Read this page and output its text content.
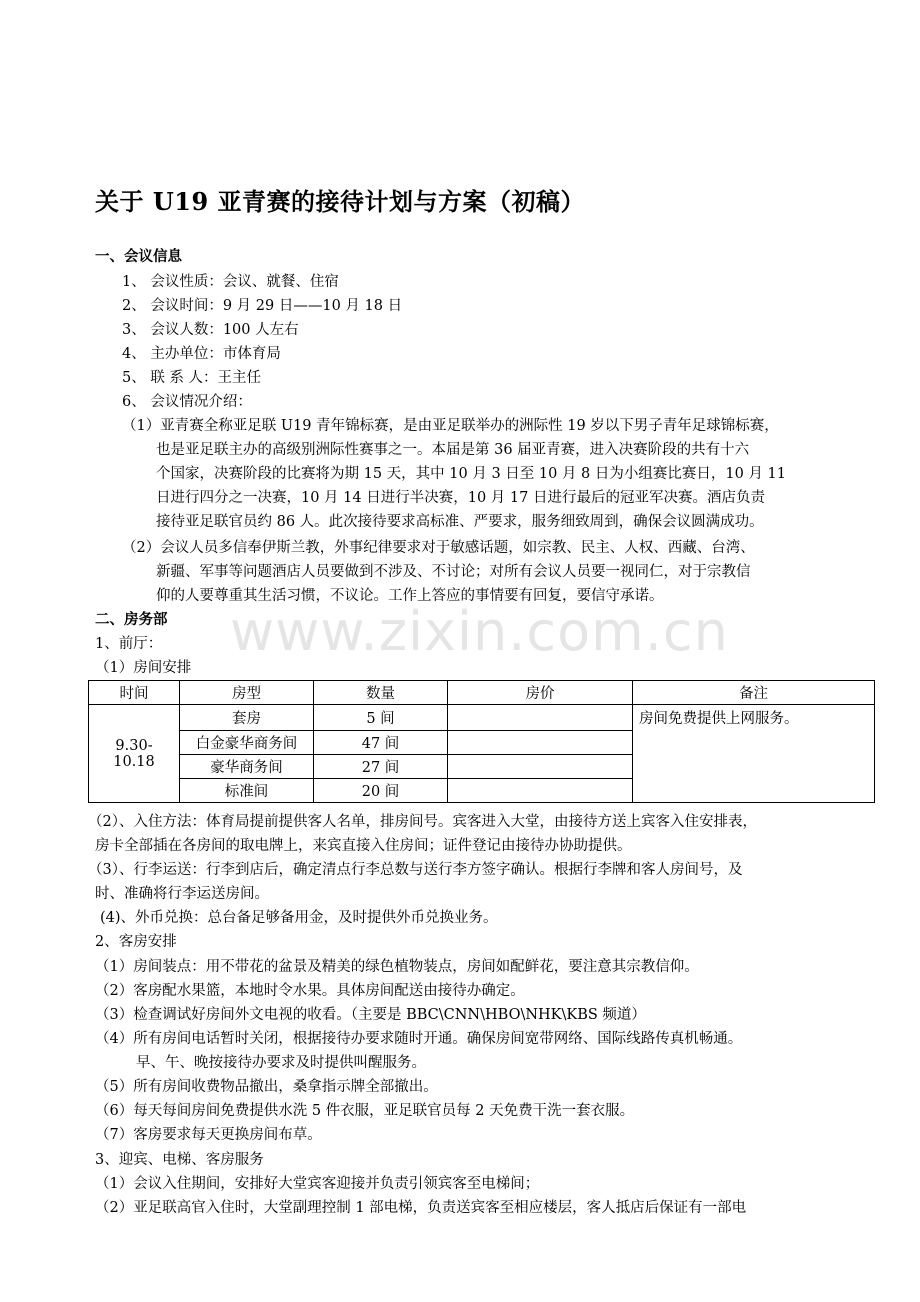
www.zixin.com.cn
关于 U19 亚青赛的接待计划与方案（初稿）
一、会议信息
1、 会议性质：会议、就餐、住宿
2、 会议时间：9 月 29 日——10 月 18 日
3、 会议人数：100 人左右
4、 主办单位：市体育局
5、 联 系 人：王主任
6、 会议情况介绍：
（1）亚青赛全称亚足联 U19 青年锦标赛，是由亚足联举办的洲际性 19 岁以下男子青年足球锦标赛，
也是亚足联主办的高级别洲际性赛事之一。本届是第 36 届亚青赛，进入决赛阶段的共有十六
个国家，决赛阶段的比赛将为期 15 天，其中 10 月 3 日至 10 月 8 日为小组赛比赛日，10 月 11
日进行四分之一决赛，10 月 14 日进行半决赛，10 月 17 日进行最后的冠亚军决赛。酒店负责
接待亚足联官员约 86 人。此次接待要求高标准、严要求，服务细致周到，确保会议圆满成功。
（2）会议人员多信奉伊斯兰教，外事纪律要求对于敏感话题，如宗教、民主、人权、西藏、台湾、
新疆、军事等问题酒店人员要做到不涉及、不讨论；对所有会议人员要一视同仁，对于宗教信
仰的人要尊重其生活习惯，不议论。工作上答应的事情要有回复，要信守承诺。
二、房务部
1、前厅：
（1）房间安排
时间	房型	数量	房价	备注
9.30-10.18	套房	5 间		房间免费提供上网服务。
	白金豪华商务间	47 间		
	豪华商务间	27 间		
	标准间	20 间		
（2）、入住方法：体育局提前提供客人名单，排房间号。宾客进入大堂，由接待方送上宾客入住安排表，
房卡全部插在各房间的取电牌上，来宾直接入住房间；证件登记由接待办协助提供。
（3）、行李运送：行李到店后，确定清点行李总数与送行李方签字确认。根据行李牌和客人房间号，及
时、准确将行李运送房间。
(4)、外币兑换：总台备足够备用金，及时提供外币兑换业务。
2、客房安排
（1）房间装点：用不带花的盆景及精美的绿色植物装点，房间如配鲜花，要注意其宗教信仰。
（2）客房配水果篮，本地时令水果。具体房间配送由接待办确定。
（3）检查调试好房间外文电视的收看。（主要是 BBC\CNN\HBO\NHK\KBS 频道）
（4）所有房间电话暂时关闭，根据接待办要求随时开通。确保房间宽带网络、国际线路传真机畅通。
早、午、晚按接待办要求及时提供叫醒服务。
（5）所有房间收费物品撤出，桑拿指示牌全部撤出。
（6）每天每间房间免费提供水洗 5 件衣服，亚足联官员每 2 天免费干洗一套衣服。
（7）客房要求每天更换房间布草。
3、迎宾、电梯、客房服务
（1）会议入住期间，安排好大堂宾客迎接并负责引领宾客至电梯间；
（2）亚足联高官入住时，大堂副理控制 1 部电梯，负责送宾客至相应楼层，客人抵店后保证有一部电
